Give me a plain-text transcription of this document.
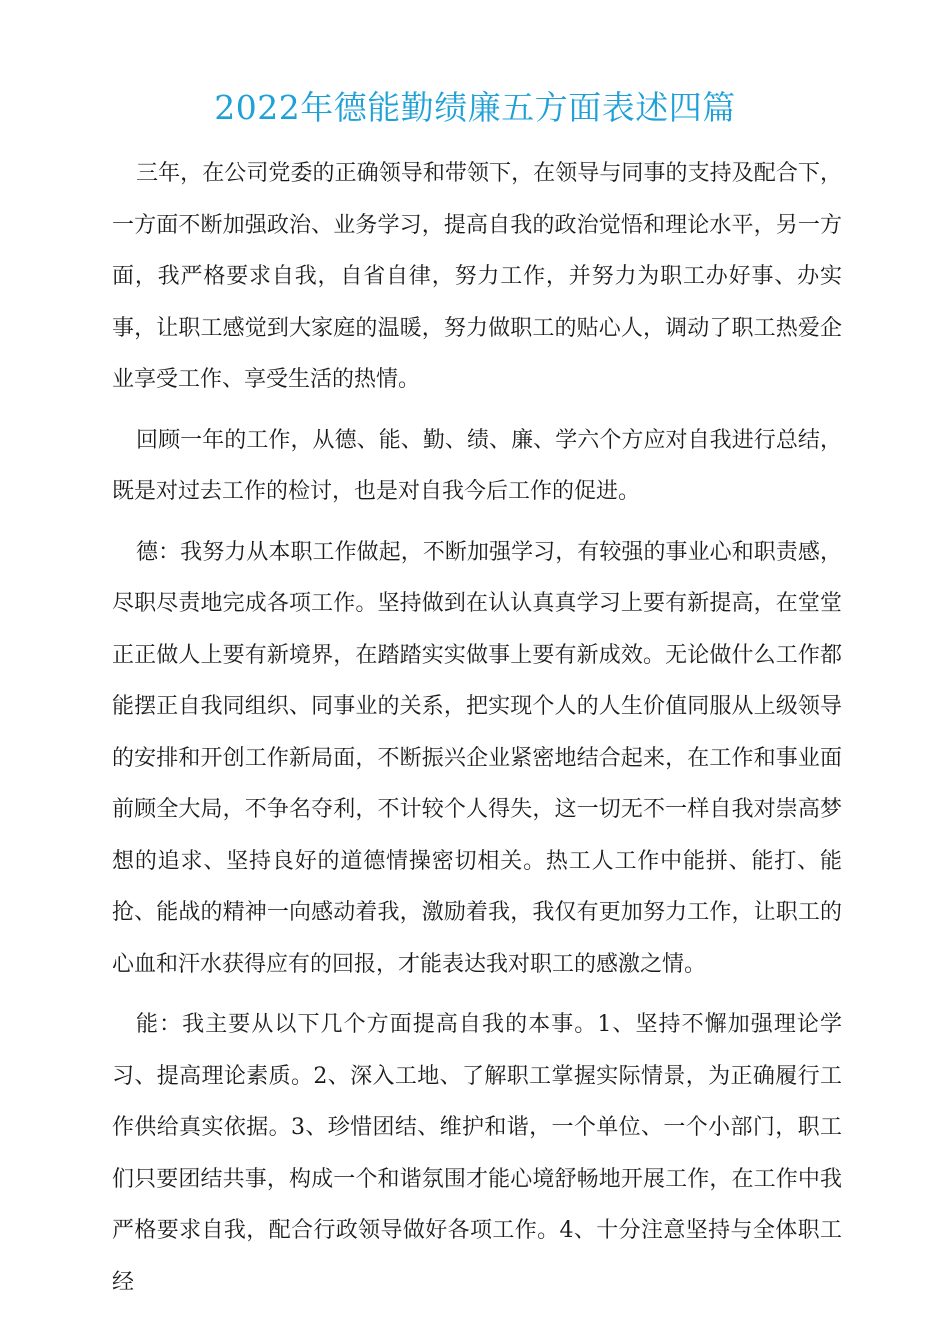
2022年德能勤绩廉五方面表述四篇

三年，在公司党委的正确领导和带领下，在领导与同事的支持及配合下，一方面不断加强政治、业务学习，提高自我的政治觉悟和理论水平，另一方面，我严格要求自我，自省自律，努力工作，并努力为职工办好事、办实事，让职工感觉到大家庭的温暖，努力做职工的贴心人，调动了职工热爱企业享受工作、享受生活的热情。

回顾一年的工作，从德、能、勤、绩、廉、学六个方应对自我进行总结，既是对过去工作的检讨，也是对自我今后工作的促进。

德：我努力从本职工作做起，不断加强学习，有较强的事业心和职责感，尽职尽责地完成各项工作。坚持做到在认认真真学习上要有新提高，在堂堂正正做人上要有新境界，在踏踏实实做事上要有新成效。无论做什么工作都能摆正自我同组织、同事业的关系，把实现个人的人生价值同服从上级领导的安排和开创工作新局面，不断振兴企业紧密地结合起来，在工作和事业面前顾全大局，不争名夺利，不计较个人得失，这一切无不一样自我对崇高梦想的追求、坚持良好的道德情操密切相关。热工人工作中能拼、能打、能抢、能战的精神一向感动着我，激励着我，我仅有更加努力工作，让职工的心血和汗水获得应有的回报，才能表达我对职工的感激之情。

能：我主要从以下几个方面提高自我的本事。1、坚持不懈加强理论学习、提高理论素质。2、深入工地、了解职工掌握实际情景，为正确履行工作供给真实依据。3、珍惜团结、维护和谐，一个单位、一个小部门，职工们只要团结共事，构成一个和谐氛围才能心境舒畅地开展工作，在工作中我严格要求自我，配合行政领导做好各项工作。4、十分注意坚持与全体职工经
